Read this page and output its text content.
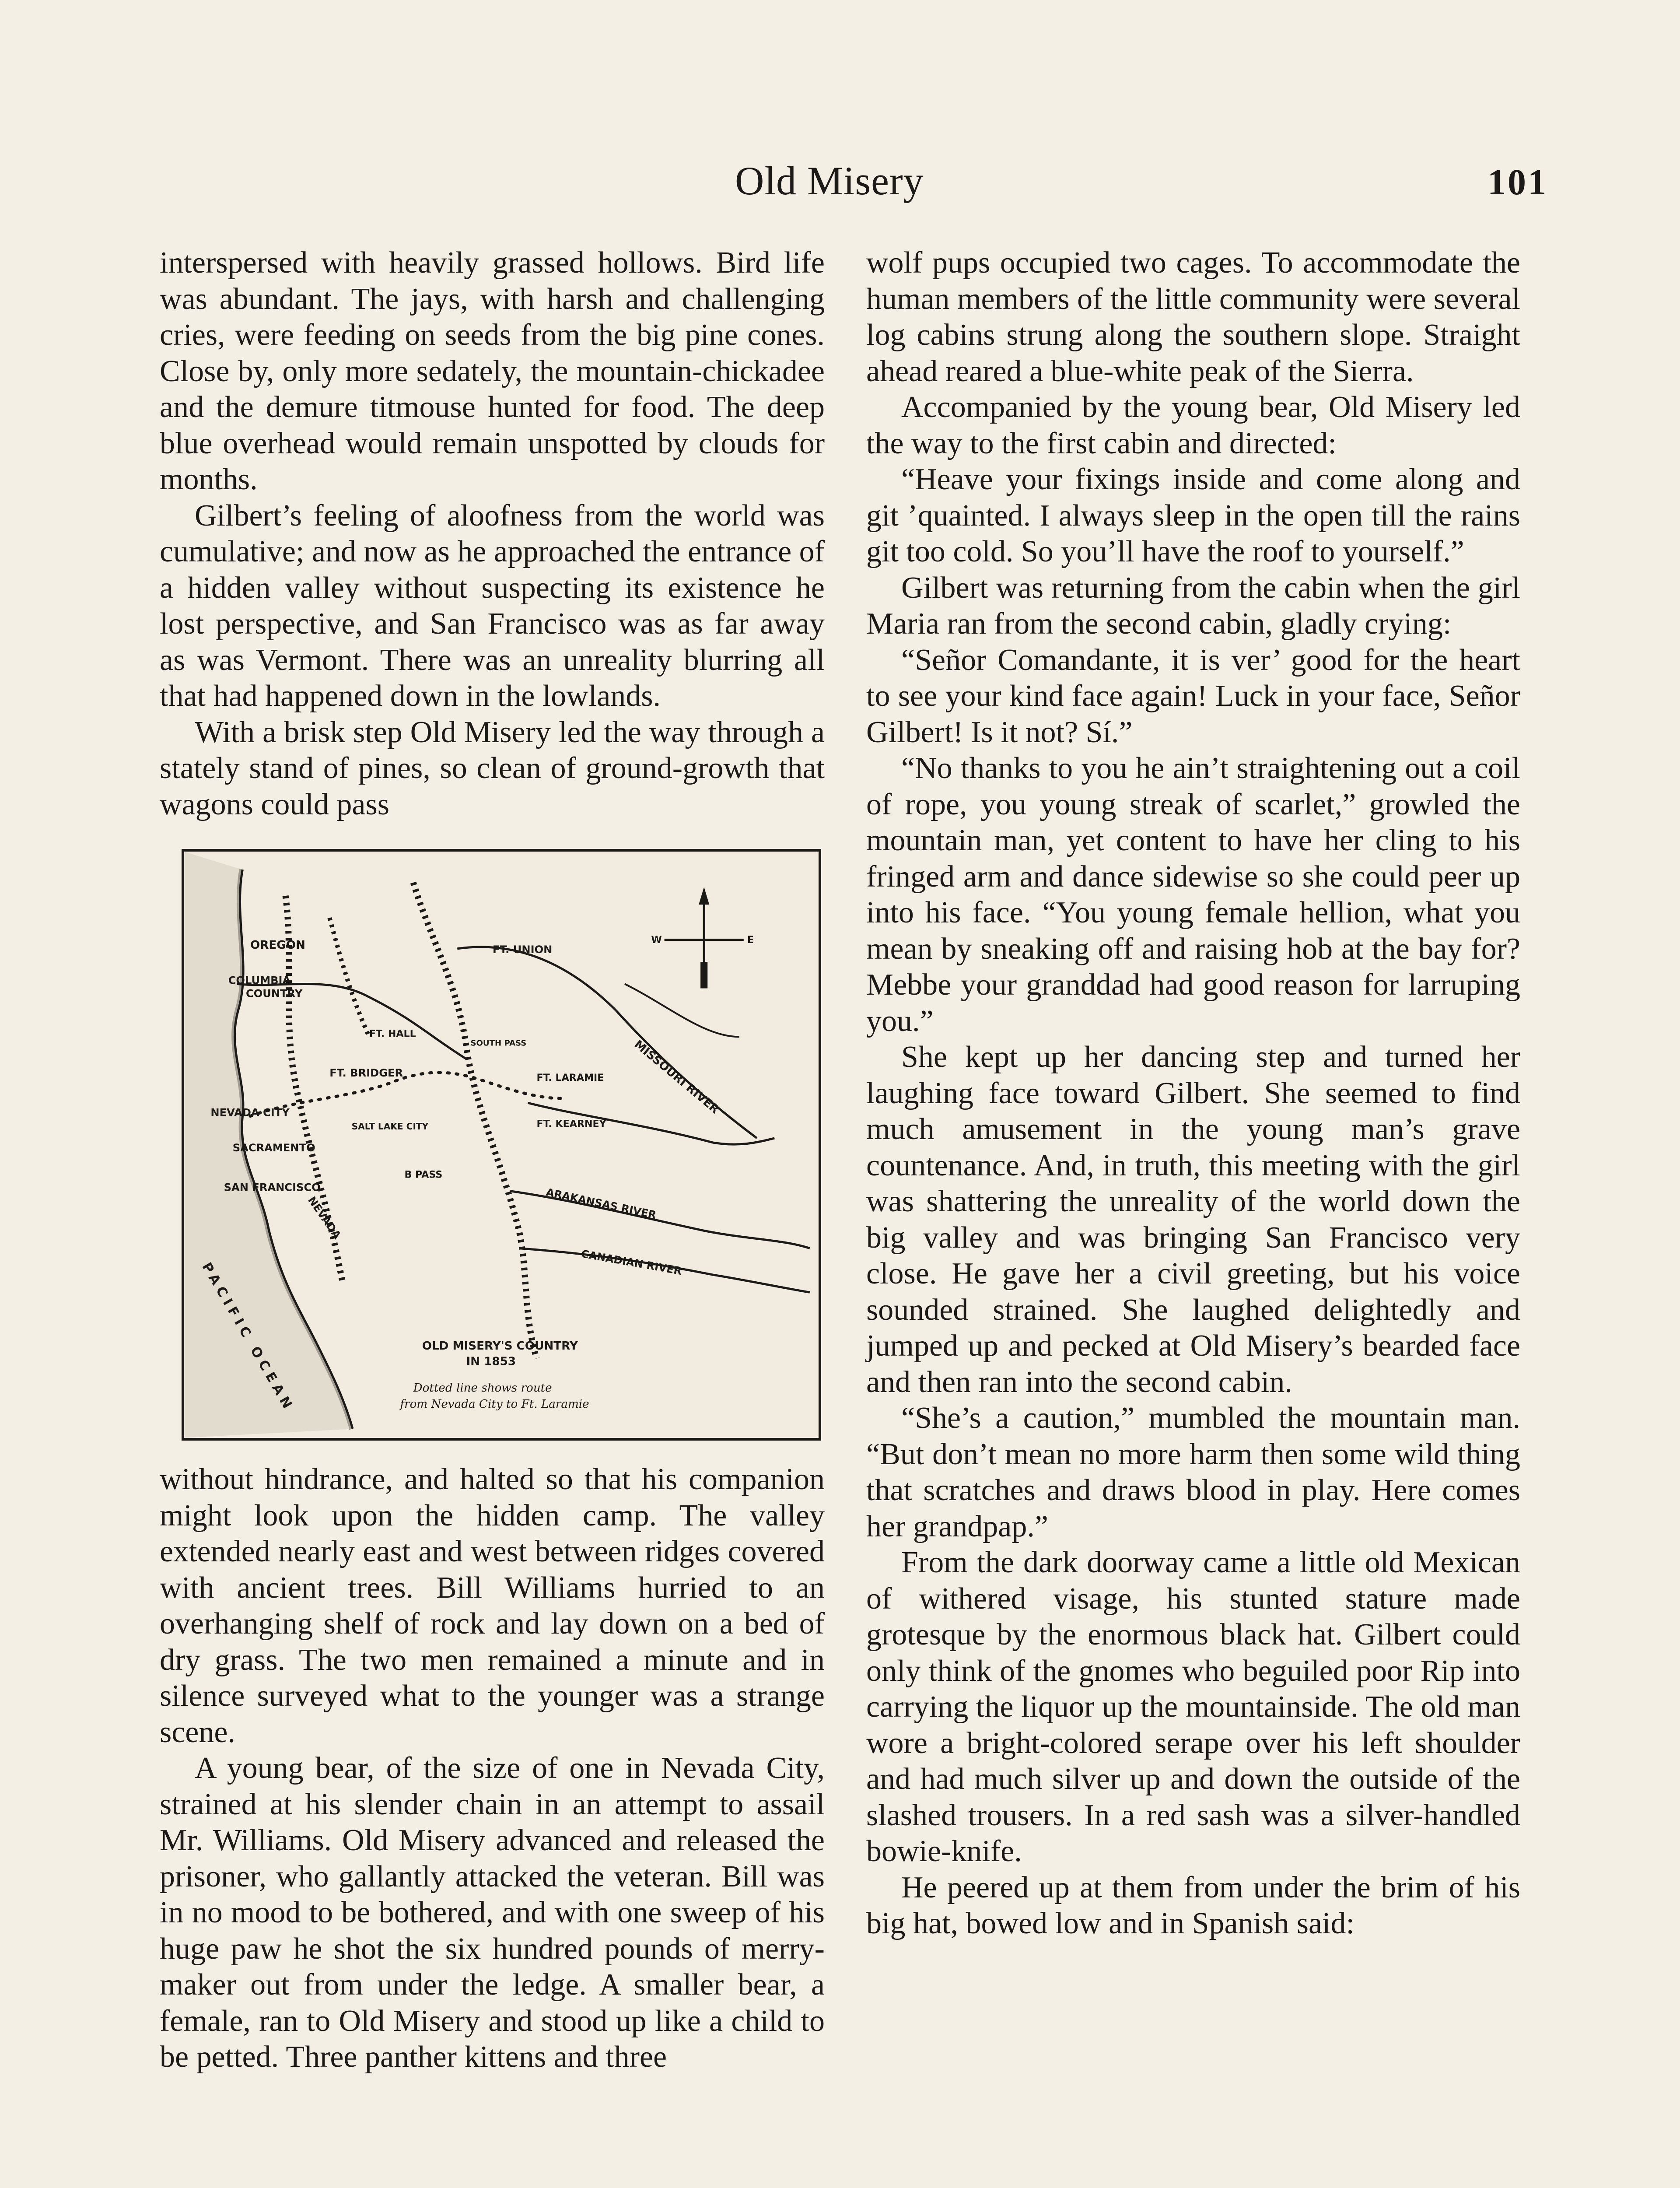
Old Misery	101

interspersed with heavily grassed hollows. Bird life was abundant. The jays, with harsh and challenging cries, were feeding on seeds from the big pine cones. Close by, only more sedately, the mountain-chickadee and the demure titmouse hunted for food. The deep blue overhead would remain unspotted by clouds for months.

Gilbert’s feeling of aloofness from the world was cumulative; and now as he approached the entrance of a hidden valley without suspecting its existence he lost perspective, and San Francisco was as far away as was Vermont. There was an unreality blurring all that had happened down in the lowlands.

With a brisk step Old Misery led the way through a stately stand of pines, so clean of ground-growth that wagons could pass

W	E
OREGON
COLUMBIA
COUNTRY
FT. UNION
FT. HALL
SOUTH PASS
FT. BRIDGER	FT. LARAMIE MISSOURI RIVER
NEVADA CITY
SALT LAKE CITY	FT. KEARNEY
SACRAMENTO
B PASS
SAN FRANCISCO
NEVADA	ARAKANSAS RIVER
CANADIAN RIVER
PACIFIC OCEAN	OLD MISERY'S COUNTRY
IN 1853
Dotted line shows route
from Nevada City to Ft. Laramie

without hindrance, and halted so that his companion might look upon the hidden camp. The valley extended nearly east and west between ridges covered with ancient trees. Bill Williams hurried to an overhanging shelf of rock and lay down on a bed of dry grass. The two men remained a minute and in silence surveyed what to the younger was a strange scene.

A young bear, of the size of one in Nevada City, strained at his slender chain in an attempt to assail Mr. Williams. Old Misery advanced and released the prisoner, who gallantly attacked the veteran. Bill was in no mood to be bothered, and with one sweep of his huge paw he shot the six hundred pounds of merry-maker out from under the ledge. A smaller bear, a female, ran to Old Misery and stood up like a child to be petted. Three panther kittens and three

wolf pups occupied two cages. To accommodate the human members of the little community were several log cabins strung along the southern slope. Straight ahead reared a blue-white peak of the Sierra.

Accompanied by the young bear, Old Misery led the way to the first cabin and directed:

“Heave your fixings inside and come along and git ’quainted. I always sleep in the open till the rains git too cold. So you’ll have the roof to yourself.”

Gilbert was returning from the cabin when the girl Maria ran from the second cabin, gladly crying:

“Señor Comandante, it is ver’ good for the heart to see your kind face again! Luck in your face, Señor Gilbert! Is it not? Sí.”

“No thanks to you he ain’t straightening out a coil of rope, you young streak of scarlet,” growled the mountain man, yet content to have her cling to his fringed arm and dance sidewise so she could peer up into his face. “You young female hellion, what you mean by sneaking off and raising hob at the bay for? Mebbe your granddad had good reason for larruping you.”

She kept up her dancing step and turned her laughing face toward Gilbert. She seemed to find much amusement in the young man’s grave countenance. And, in truth, this meeting with the girl was shattering the unreality of the world down the big valley and was bringing San Francisco very close. He gave her a civil greeting, but his voice sounded strained. She laughed delightedly and jumped up and pecked at Old Misery’s bearded face and then ran into the second cabin.

“She’s a caution,” mumbled the mountain man. “But don’t mean no more harm then some wild thing that scratches and draws blood in play. Here comes her grandpap.”

From the dark doorway came a little old Mexican of withered visage, his stunted stature made grotesque by the enormous black hat. Gilbert could only think of the gnomes who beguiled poor Rip into carrying the liquor up the mountainside. The old man wore a bright-colored serape over his left shoulder and had much silver up and down the outside of the slashed trousers. In a red sash was a silver-handled bowie-knife.

He peered up at them from under the brim of his big hat, bowed low and in Spanish said:
